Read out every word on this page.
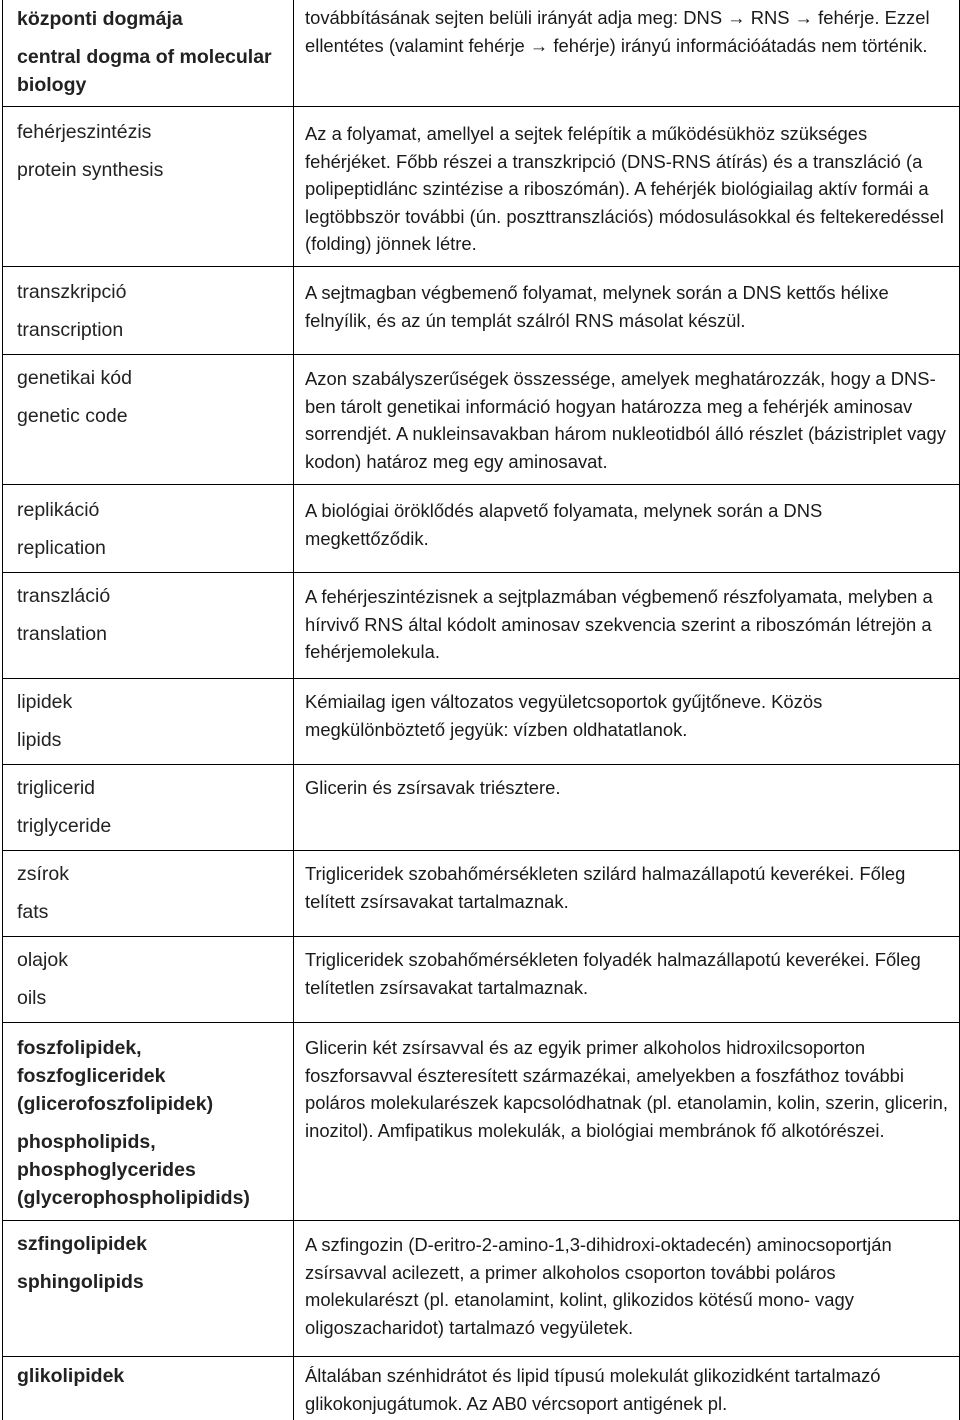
központi dogmája
central dogma of molecular biology
továbbításának sejten belüli irányát adja meg: DNS → RNS → fehérje. Ezzel ellentétes (valamint fehérje → fehérje) irányú információátadás nem történik.
fehérjeszintézis
protein synthesis
Az a folyamat, amellyel a sejtek felépítik a működésükhöz szükséges fehérjéket. Főbb részei a transzkripció (DNS-RNS átírás) és a transzláció (a polipeptidlánc szintézise a riboszómán). A fehérjék biológiailag aktív formái a legtöbbször további (ún. poszttranszlációs) módosulásokkal és feltekeredéssel (folding) jönnek létre.
transzkripció
transcription
A sejtmagban végbemenő folyamat, melynek során a DNS kettős hélixe felnyílik, és az ún templát szálról RNS másolat készül.
genetikai kód
genetic code
Azon szabályszerűségek összessége, amelyek meghatározzák, hogy a DNS-ben tárolt genetikai információ hogyan határozza meg a fehérjék aminosav sorrendjét. A nukleinsavakban három nukleotidból álló részlet (bázistriplet vagy kodon) határoz meg egy aminosavat.
replikáció
replication
A biológiai öröklődés alapvető folyamata, melynek során a DNS megkettőződik.
transzláció
translation
A fehérjeszintézisnek a sejtplazmában végbemenő részfolyamata, melyben a hírvivő RNS által kódolt aminosav szekvencia szerint a riboszómán létrejön a fehérjemolekula.
lipidek
lipids
Kémiailag igen változatos vegyületcsoportok gyűjtőneve. Közös megkülönböztető jegyük: vízben oldhatatlanok.
triglicerid
triglyceride
Glicerin és zsírsavak triésztere.
zsírok
fats
Trigliceridek szobahőmérsékleten szilárd halmazállapotú keverékei. Főleg telített zsírsavakat tartalmaznak.
olajok
oils
Trigliceridek szobahőmérsékleten folyadék halmazállapotú keverékei. Főleg telítetlen zsírsavakat tartalmaznak.
foszfolipidek, foszfogliceridek (glicerofoszfolipidek)
phospholipids, phosphoglycerides (glycerophospholipidids)
Glicerin két zsírsavval és az egyik primer alkoholos hidroxilcsoporton foszforsavval észteresített származékai, amelyekben a foszfáthoz további poláros molekularészek kapcsolódhatnak (pl. etanolamin, kolin, szerin, glicerin, inozitol). Amfipatikus molekulák, a biológiai membránok fő alkotórészei.
szfingolipidek
sphingolipids
A szfingozin (D-eritro-2-amino-1,3-dihidroxi-oktadecén) aminocsoportján zsírsavval acilezett, a primer alkoholos csoporton további poláros molekularészt (pl. etanolamint, kolint, glikozidos kötésű mono- vagy oligoszacharidot) tartalmazó vegyületek.
glikolipidek	Általában szénhidrátot és lipid típusú molekulát glikozidként tartalmazó glikokonjugátumok. Az AB0 vércsoport antigének pl.
